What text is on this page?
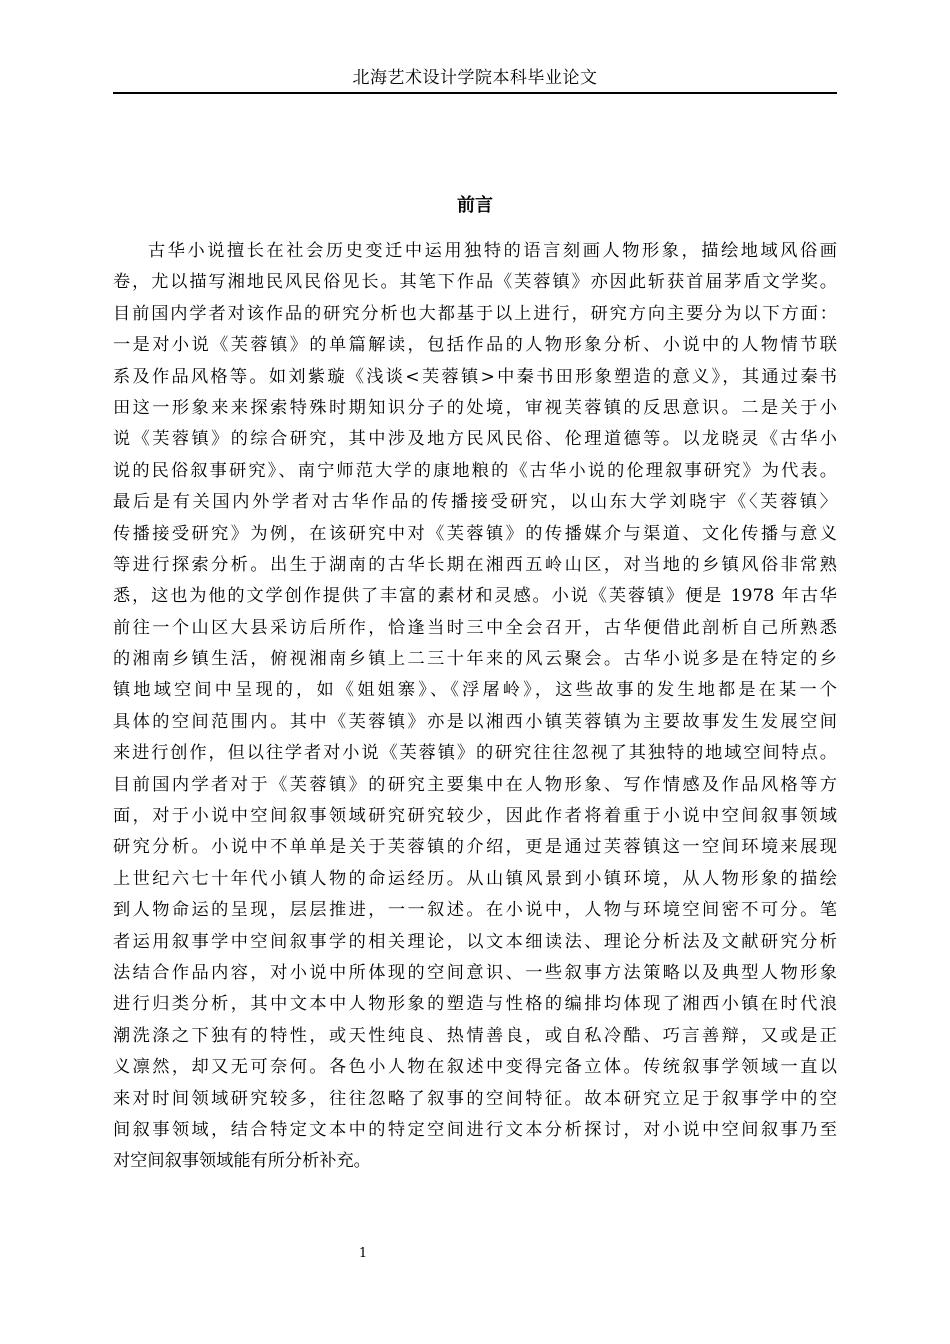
北海艺术设计学院本科毕业论文
前言
古华小说擅长在社会历史变迁中运用独特的语言刻画人物形象，描绘地域风俗画
卷，尤以描写湘地民风民俗见长。其笔下作品《芙蓉镇》亦因此斩获首届茅盾文学奖。
目前国内学者对该作品的研究分析也大都基于以上进行，研究方向主要分为以下方面：
一是对小说《芙蓉镇》的单篇解读，包括作品的人物形象分析、小说中的人物情节联
系及作品风格等。如刘紫璇《浅谈<芙蓉镇>中秦书田形象塑造的意义》，其通过秦书
田这一形象来来探索特殊时期知识分子的处境，审视芙蓉镇的反思意识。二是关于小
说《芙蓉镇》的综合研究，其中涉及地方民风民俗、伦理道德等。以龙晓灵《古华小
说的民俗叙事研究》、南宁师范大学的康地粮的《古华小说的伦理叙事研究》为代表。
最后是有关国内外学者对古华作品的传播接受研究，以山东大学刘晓宇《〈芙蓉镇〉
传播接受研究》为例，在该研究中对《芙蓉镇》的传播媒介与渠道、文化传播与意义
等进行探索分析。出生于湖南的古华长期在湘西五岭山区，对当地的乡镇风俗非常熟
悉，这也为他的文学创作提供了丰富的素材和灵感。小说《芙蓉镇》便是 1978 年古华
前往一个山区大县采访后所作，恰逢当时三中全会召开，古华便借此剖析自己所熟悉
的湘南乡镇生活，俯视湘南乡镇上二三十年来的风云聚会。古华小说多是在特定的乡
镇地域空间中呈现的，如《姐姐寨》、《浮屠岭》，这些故事的发生地都是在某一个
具体的空间范围内。其中《芙蓉镇》亦是以湘西小镇芙蓉镇为主要故事发生发展空间
来进行创作，但以往学者对小说《芙蓉镇》的研究往往忽视了其独特的地域空间特点。
目前国内学者对于《芙蓉镇》的研究主要集中在人物形象、写作情感及作品风格等方
面，对于小说中空间叙事领域研究研究较少，因此作者将着重于小说中空间叙事领域
研究分析。小说中不单单是关于芙蓉镇的介绍，更是通过芙蓉镇这一空间环境来展现
上世纪六七十年代小镇人物的命运经历。从山镇风景到小镇环境，从人物形象的描绘
到人物命运的呈现，层层推进，一一叙述。在小说中，人物与环境空间密不可分。笔
者运用叙事学中空间叙事学的相关理论，以文本细读法、理论分析法及文献研究分析
法结合作品内容，对小说中所体现的空间意识、一些叙事方法策略以及典型人物形象
进行归类分析，其中文本中人物形象的塑造与性格的编排均体现了湘西小镇在时代浪
潮洗涤之下独有的特性，或天性纯良、热情善良，或自私冷酷、巧言善辩，又或是正
义凛然，却又无可奈何。各色小人物在叙述中变得完备立体。传统叙事学领域一直以
来对时间领域研究较多，往往忽略了叙事的空间特征。故本研究立足于叙事学中的空
间叙事领域，结合特定文本中的特定空间进行文本分析探讨，对小说中空间叙事乃至
对空间叙事领域能有所分析补充。
1
